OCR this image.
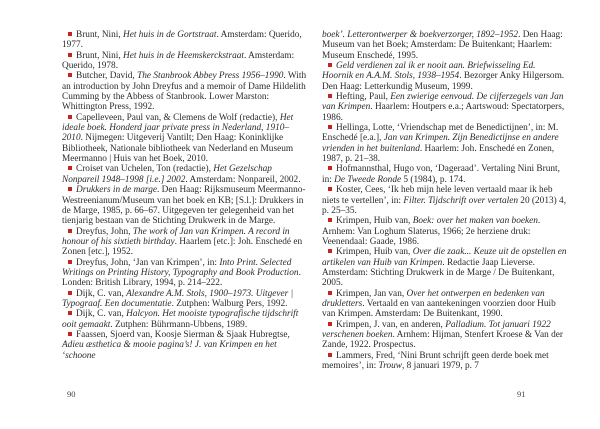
Brunt, Nini, Het huis in de Gortstraat. Amsterdam: Querido, 1977.

Brunt, Nini, Het huis in de Heemskerckstraat. Amsterdam: Querido, 1978.

Butcher, David, The Stanbrook Abbey Press 1956–1990. With an introduction by John Dreyfus and a memoir of Dame Hildelith Cumming by the Abbess of Stanbrook. Lower Marston: Whittington Press, 1992.

Capelleveen, Paul van, & Clemens de Wolf (redactie), Het ideale boek. Honderd jaar private press in Nederland, 1910–2010. Nijmegen: Uitgeverij Vantilt; Den Haag: Koninklijke Bibliotheek, Nationale bibliotheek van Nederland en Museum Meermanno | Huis van het Boek, 2010.

Croiset van Uchelen, Ton (redactie), Het Gezelschap Nonpareil 1948–1998 [i.e.] 2002. Amsterdam: Nonpareil, 2002.

Drukkers in de marge. Den Haag: Rijksmuseum Meermanno-Westreenianum/Museum van het boek en KB; [S.l.]: Drukkers in de Marge, 1985, p. 66–67. Uitgegeven ter gelegenheid van het tienjarig bestaan van de Stichting Drukwerk in de Marge.

Dreyfus, John, The work of Jan van Krimpen. A record in honour of his sixtieth birthday. Haarlem [etc.]: Joh. Enschedé en Zonen [etc.], 1952.

Dreyfus, John, ‘Jan van Krimpen’, in: Into Print. Selected Writings on Printing History, Typography and Book Production. Londen: British Library, 1994, p. 214–222.

Dijk, C. van, Alexandre A.M. Stols, 1900–1973. Uitgever | Typograaf. Een documentatie. Zutphen: Walburg Pers, 1992.

Dijk, C. van, Halcyon. Het mooiste typografische tijdschrift ooit gemaakt. Zutphen: Bührmann-Ubbens, 1989.

Faassen, Sjoerd van, Koosje Sierman & Sjaak Hubregtse, Adieu æsthetica & mooie pagina’s! J. van Krimpen en het ‘schoone

boek’. Letterontwerper & boekverzorger, 1892–1952. Den Haag: Museum van het Boek; Amsterdam: De Buitenkant; Haarlem: Museum Enschedé, 1995.

Geld verdienen zal ik er nooit aan. Briefwisseling Ed. Hoornik en A.A.M. Stols, 1938–1954. Bezorger Anky Hilgersom. Den Haag: Letterkundig Museum, 1999.

Hefting, Paul, Een zwierige eenvoud. De cijferzegels van Jan van Krimpen. Haarlem: Houtpers e.a.; Aartswoud: Spectatorpers, 1986.

Hellinga, Lotte, ‘Vriendschap met de Benedictijnen’, in: M. Enschedé [e.a.], Jan van Krimpen. Zijn Benedictijnse en andere vrienden in het buitenland. Haarlem: Joh. Enschedé en Zonen, 1987, p. 21–38.

Hofmannsthal, Hugo von, ‘Dageraad’. Vertaling Nini Brunt, in: De Tweede Ronde 5 (1984), p. 174.

Koster, Cees, ‘Ik heb mijn hele leven vertaald maar ik heb niets te vertellen’, in: Filter. Tijdschrift over vertalen 20 (2013) 4, p. 25–35.

Krimpen, Huib van, Boek: over het maken van boeken. Arnhem: Van Loghum Slaterus, 1966; 2e herziene druk: Veenendaal: Gaade, 1986.

Krimpen, Huib van, Over die zaak... Keuze uit de opstellen en artikelen van Huib van Krimpen. Redactie Jaap Lieverse. Amsterdam: Stichting Drukwerk in de Marge / De Buitenkant, 2005.

Krimpen, Jan van, Over het ontwerpen en bedenken van drukletters. Vertaald en van aantekeningen voorzien door Huib van Krimpen. Amsterdam: De Buitenkant, 1990.

Krimpen, J. van, en anderen, Palladium. Tot januari 1922 verschenen boeken. Arnhem: Hijman, Stenfert Kroese & Van der Zande, 1922. Prospectus.

Lammers, Fred, ‘Nini Brunt schrijft geen derde boek met memoires’, in: Trouw, 8 januari 1979, p. 7

90	91
